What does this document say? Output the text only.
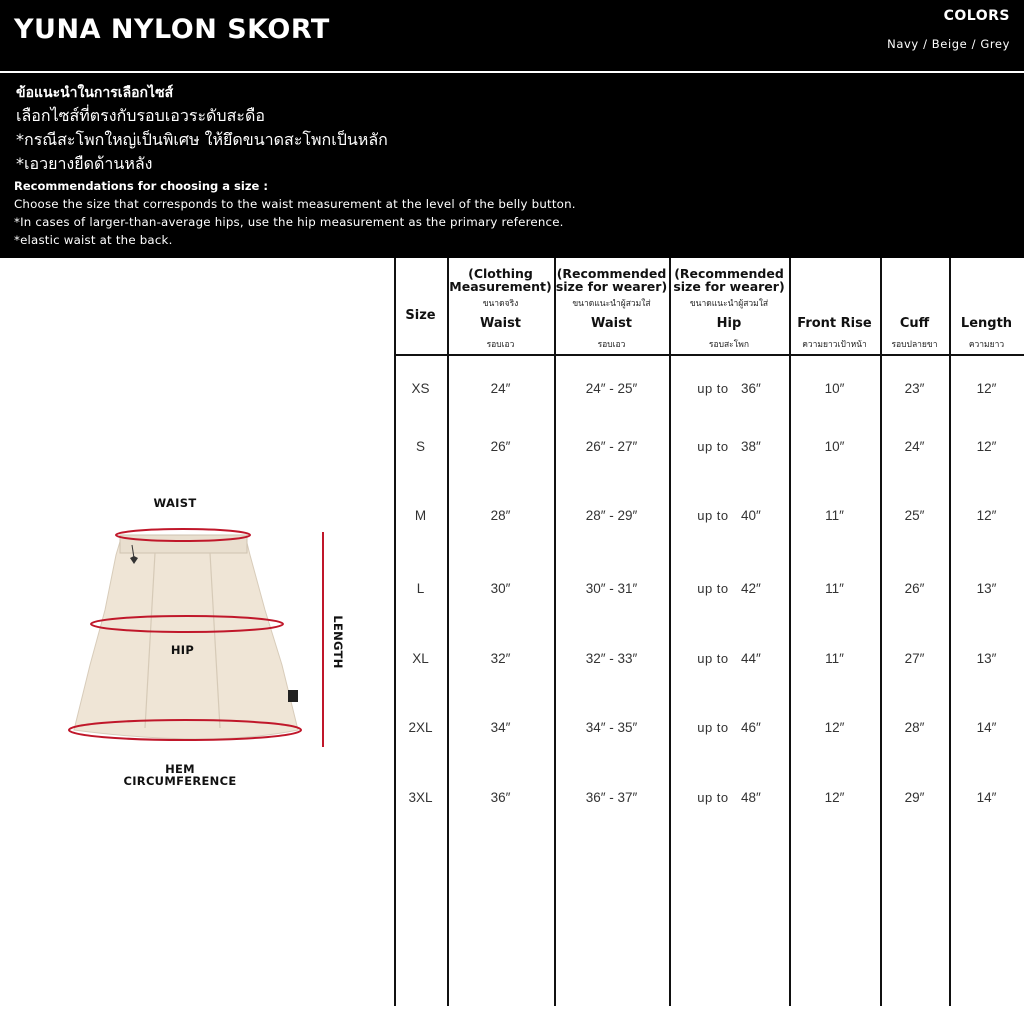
YUNA NYLON SKORT	COLORS
Navy / Beige / Grey
ข้อแนะนำในการเลือกไซส์
เลือกไซส์ที่ตรงกับรอบเอวระดับสะดือ
*กรณีสะโพกใหญ่เป็นพิเศษ ให้ยึดขนาดสะโพกเป็นหลัก
*เอวยางยืดด้านหลัง
Recommendations for choosing a size :
Choose the size that corresponds to the waist measurement at the level of the belly button.
*In cases of larger-than-average hips, use the hip measurement as the primary reference.
*elastic waist at the back.
WAIST
HIP	LENGTH
HEM
CIRCUMFERENCE
Size
(Clothing
Measurement)
ขนาดจริง
Waist
รอบเอว
(Recommended
size for wearer)
ขนาดแนะนำผู้สวมใส่
Waist
รอบเอว
(Recommended
size for wearer)
ขนาดแนะนำผู้สวมใส่
Hip
รอบสะโพก
Front Rise
ความยาวเป้าหน้า
Cuff
รอบปลายขา
Length
ความยาว
XS	24″	24″ - 25″	up to   36″	10″	23″	12″
S	26″	26″ - 27″	up to   38″	10″	24″	12″
M	28″	28″ - 29″	up to   40″	11″	25″	12″
L	30″	30″ - 31″	up to   42″	11″	26″	13″
XL	32″	32″ - 33″	up to   44″	11″	27″	13″
2XL	34″	34″ - 35″	up to   46″	12″	28″	14″
3XL	36″	36″ - 37″	up to   48″	12″	29″	14″
